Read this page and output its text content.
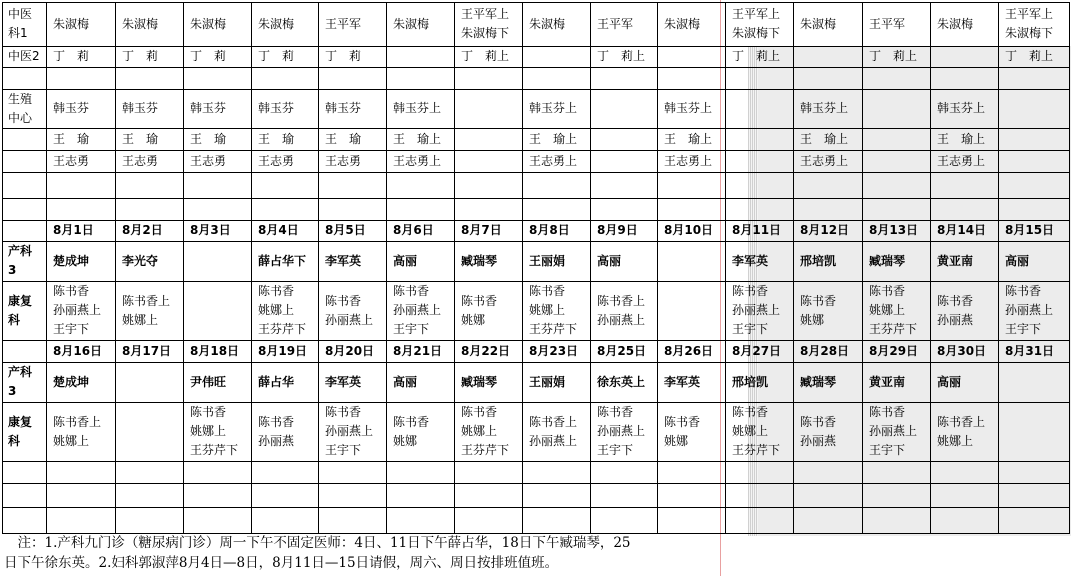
中医
科1
中医2
生殖
中心
产科
3
康复
科
产科
3
康复
科
朱淑梅
丁　莉
韩玉芬
王　瑜
王志勇
8月1日
楚成坤
陈书香
孙丽燕上
王宇下
8月16日
楚成坤
陈书香上
姚娜上
朱淑梅
丁　莉
韩玉芬
王　瑜
王志勇
8月2日
李光夺
陈书香上
姚娜上
8月17日
朱淑梅
丁　莉
韩玉芬
王　瑜
王志勇
8月3日
8月18日
尹伟旺
陈书香
姚娜上
王芬芹下
朱淑梅
丁　莉
韩玉芬
王　瑜
王志勇
8月4日
薛占华下
陈书香
姚娜上
王芬芹下
8月19日
薛占华
陈书香
孙丽燕
王平军
丁　莉
韩玉芬
王　瑜
王志勇
8月5日
李军英
陈书香
孙丽燕上
8月20日
李军英
陈书香
孙丽燕上
王宇下
朱淑梅
韩玉芬上
王　瑜上
王志勇上
8月6日
高丽
陈书香
孙丽燕上
王宇下
8月21日
高丽
陈书香
姚娜
王平军上
朱淑梅下
丁　莉上
8月7日
臧瑞琴
陈书香
姚娜
8月22日
臧瑞琴
陈书香
姚娜上
王芬芹下
朱淑梅
韩玉芬上
王　瑜上
王志勇上
8月8日
王丽娟
陈书香
姚娜上
王芬芹下
8月23日
王丽娟
陈书香上
孙丽燕上
王平军
丁　莉上
8月9日
高丽
陈书香上
孙丽燕上
8月25日
徐东英上
陈书香
孙丽燕上
王宇下
朱淑梅
韩玉芬上
王　瑜上
王志勇上
8月10日
8月26日
李军英
陈书香
姚娜
王平军上
朱淑梅下
丁　莉上
8月11日
李军英
陈书香
孙丽燕上
王宇下
8月27日
邢培凯
陈书香
姚娜上
王芬芹下
朱淑梅
韩玉芬上
王　瑜上
王志勇上
8月12日
邢培凯
陈书香
姚娜
8月28日
臧瑞琴
陈书香
孙丽燕
王平军
丁　莉上
8月13日
臧瑞琴
陈书香
姚娜上
王芬芹下
8月29日
黄亚南
陈书香
孙丽燕上
王宇下
朱淑梅
韩玉芬上
王　瑜上
王志勇上
8月14日
黄亚南
陈书香
孙丽燕
8月30日
高丽
陈书香上
姚娜上
王平军上
朱淑梅下
丁　莉上
8月15日
高丽
陈书香
孙丽燕上
王宇下
8月31日

　注：1.产科九门诊（糖尿病门诊）周一下午不固定医师：4日、11日下午薛占华，18日下午臧瑞琴，25

日下午徐东英。2.妇科郭淑萍8月4日—8日，8月11日—15日请假，周六、周日按排班值班。
